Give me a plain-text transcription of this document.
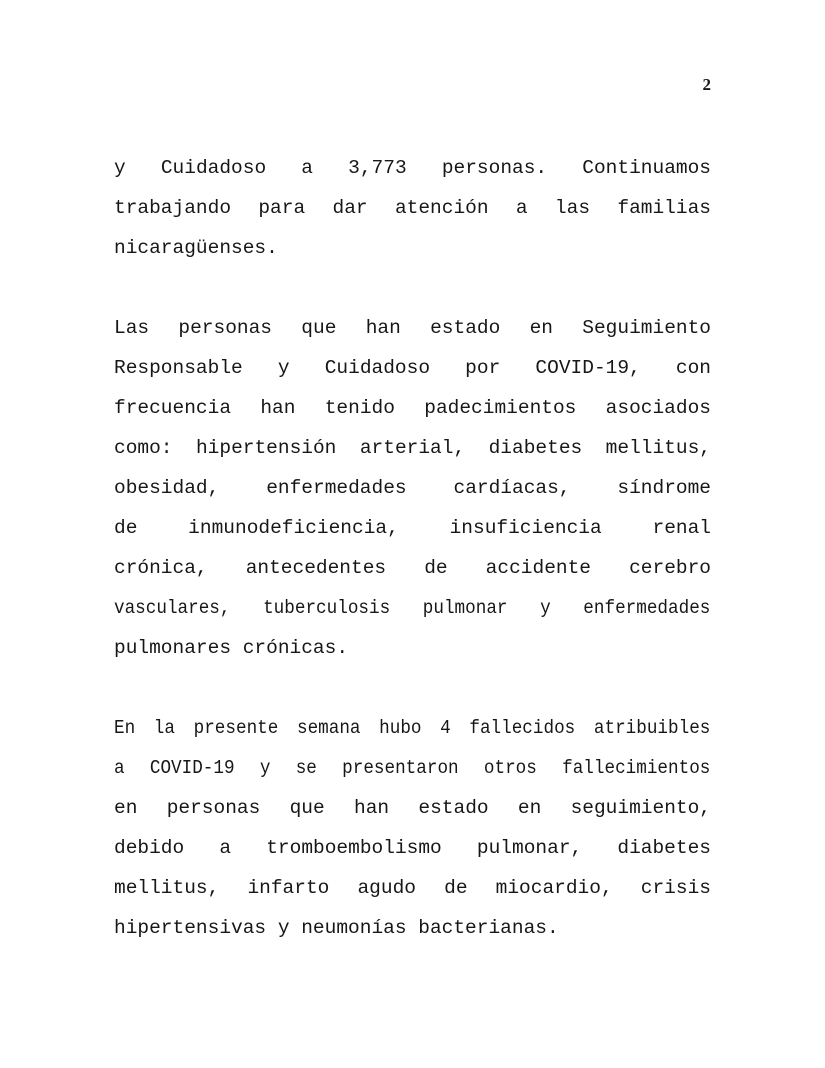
2

y Cuidadoso a 3,773 personas. Continuamos
trabajando para dar atención a las familias
nicaragüenses.

Las personas que han estado en Seguimiento
Responsable y Cuidadoso por COVID-19, con
frecuencia han tenido padecimientos asociados
como: hipertensión arterial, diabetes mellitus,
obesidad, enfermedades cardíacas, síndrome
de inmunodeficiencia, insuficiencia renal
crónica, antecedentes de accidente cerebro
vasculares, tuberculosis pulmonar y enfermedades
pulmonares crónicas.

En la presente semana hubo 4 fallecidos atribuibles
a COVID-19 y se presentaron otros fallecimientos
en personas que han estado en seguimiento,
debido a tromboembolismo pulmonar, diabetes
mellitus, infarto agudo de miocardio, crisis
hipertensivas y neumonías bacterianas.
